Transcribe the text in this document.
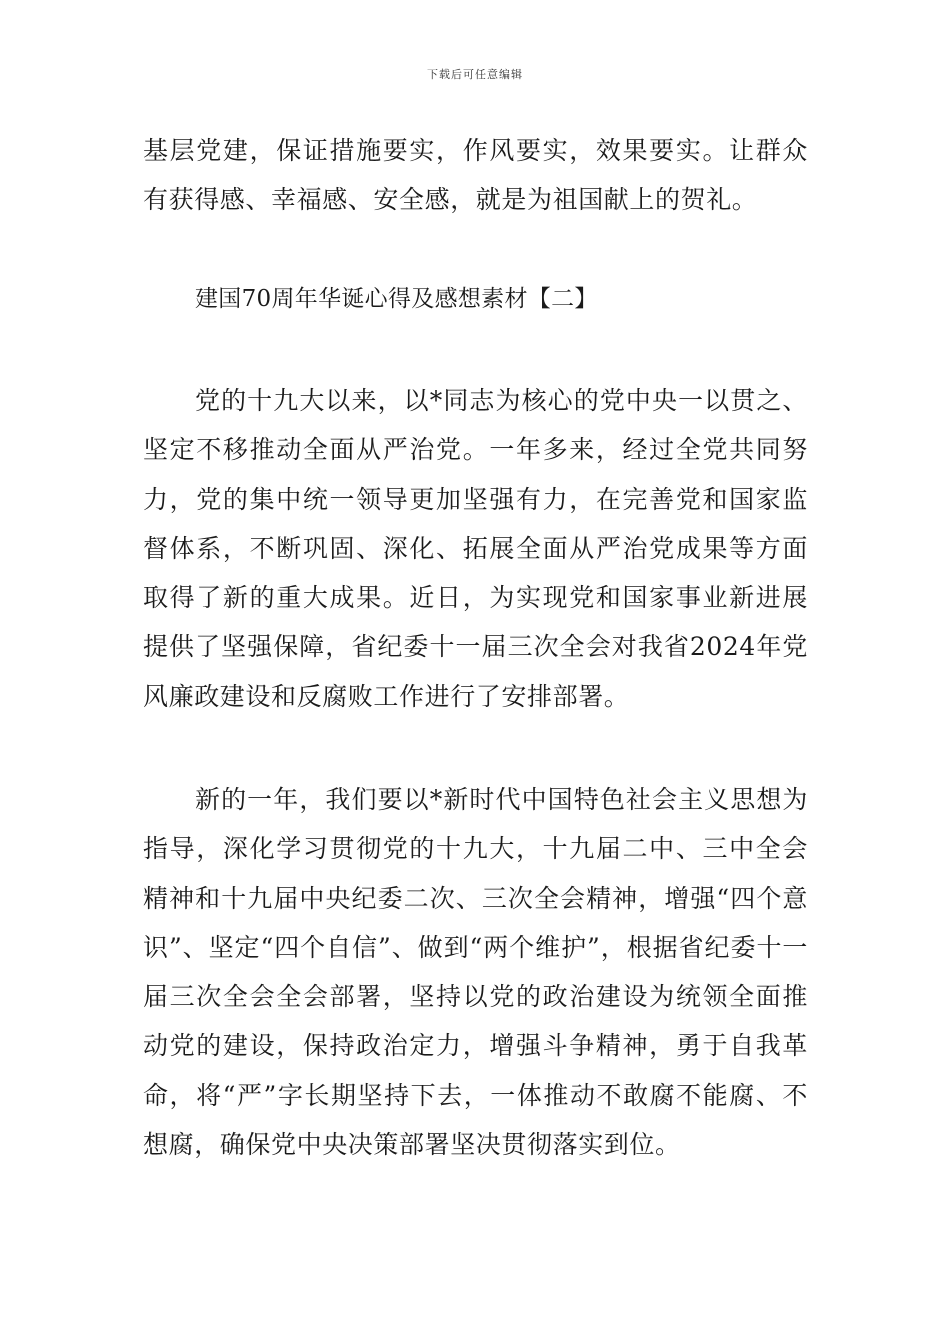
下载后可任意编辑
基层党建，保证措施要实，作风要实，效果要实。让群众有获得感、幸福感、安全感，就是为祖国献上的贺礼。
建国70周年华诞心得及感想素材【二】
党的十九大以来，以*同志为核心的党中央一以贯之、坚定不移推动全面从严治党。一年多来，经过全党共同努力，党的集中统一领导更加坚强有力，在完善党和国家监督体系，不断巩固、深化、拓展全面从严治党成果等方面取得了新的重大成果。近日，为实现党和国家事业新进展提供了坚强保障，省纪委十一届三次全会对我省2024年党风廉政建设和反腐败工作进行了安排部署。
新的一年，我们要以*新时代中国特色社会主义思想为指导，深化学习贯彻党的十九大，十九届二中、三中全会精神和十九届中央纪委二次、三次全会精神，增强“四个意识”、坚定“四个自信”、做到“两个维护”，根据省纪委十一届三次全会全会部署，坚持以党的政治建设为统领全面推动党的建设，保持政治定力，增强斗争精神，勇于自我革命，将“严”字长期坚持下去，一体推动不敢腐不能腐、不想腐，确保党中央决策部署坚决贯彻落实到位。
